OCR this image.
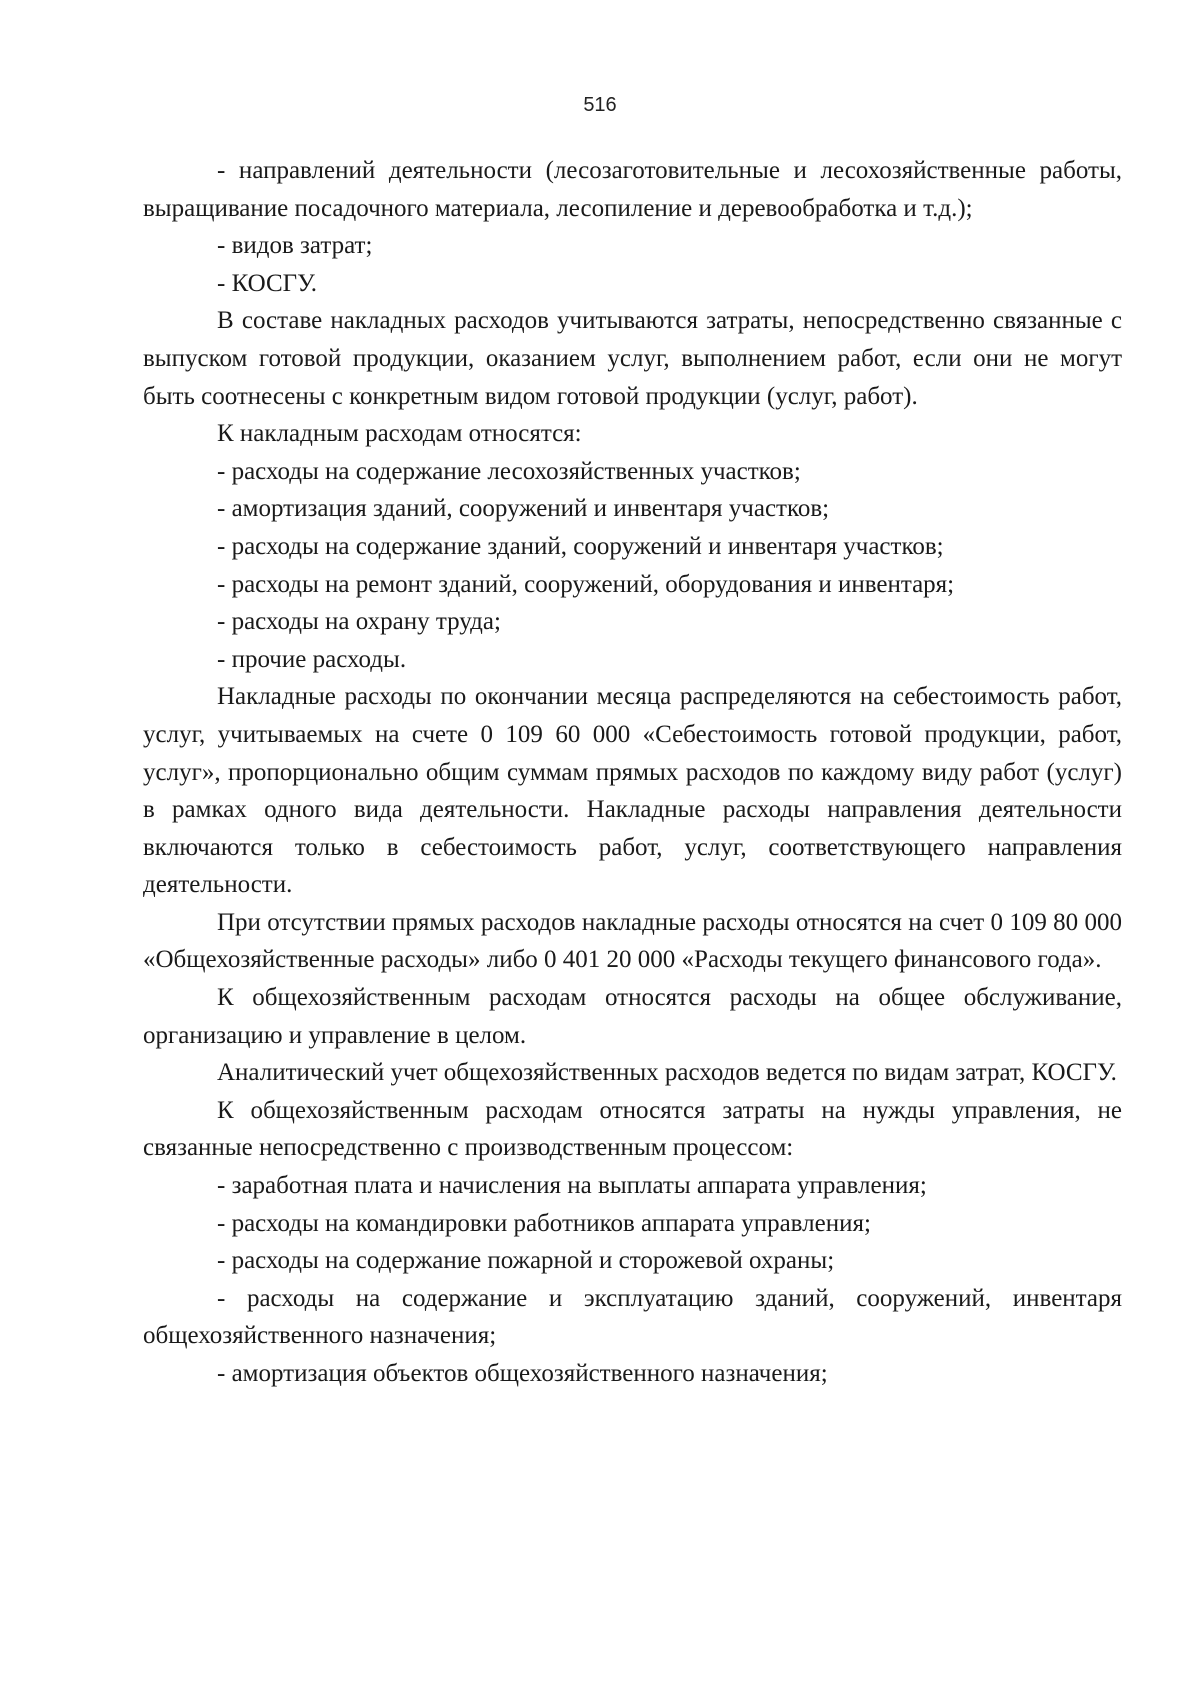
516

- направлений деятельности (лесозаготовительные и лесохозяйственные работы, выращивание посадочного материала, лесопиление и деревообработка и т.д.);

- видов затрат;

- КОСГУ.

В составе накладных расходов учитываются затраты, непосредственно связанные с выпуском готовой продукции, оказанием услуг, выполнением работ, если они не могут быть соотнесены с конкретным видом готовой продукции (услуг, работ).

К накладным расходам относятся:

- расходы на содержание лесохозяйственных участков;

- амортизация зданий, сооружений и инвентаря участков;

- расходы на содержание зданий, сооружений и инвентаря участков;

- расходы на ремонт зданий, сооружений, оборудования и инвентаря;

- расходы на охрану труда;

- прочие расходы.

Накладные расходы по окончании месяца распределяются на себестоимость работ, услуг, учитываемых на счете 0 109 60 000 «Себестоимость готовой продукции, работ, услуг», пропорционально общим суммам прямых расходов по каждому виду работ (услуг) в рамках одного вида деятельности. Накладные расходы направления деятельности включаются только в себестоимость работ, услуг, соответствующего направления деятельности.

При отсутствии прямых расходов накладные расходы относятся на счет 0 109 80 000 «Общехозяйственные расходы» либо 0 401 20 000 «Расходы текущего финансового года».

К общехозяйственным расходам относятся расходы на общее обслуживание, организацию и управление в целом.

Аналитический учет общехозяйственных расходов ведется по видам затрат, КОСГУ.

К общехозяйственным расходам относятся затраты на нужды управления, не связанные непосредственно с производственным процессом:

- заработная плата и начисления на выплаты аппарата управления;

- расходы на командировки работников аппарата управления;

- расходы на содержание пожарной и сторожевой охраны;

- расходы на содержание и эксплуатацию зданий, сооружений, инвентаря общехозяйственного назначения;

- амортизация объектов общехозяйственного назначения;
